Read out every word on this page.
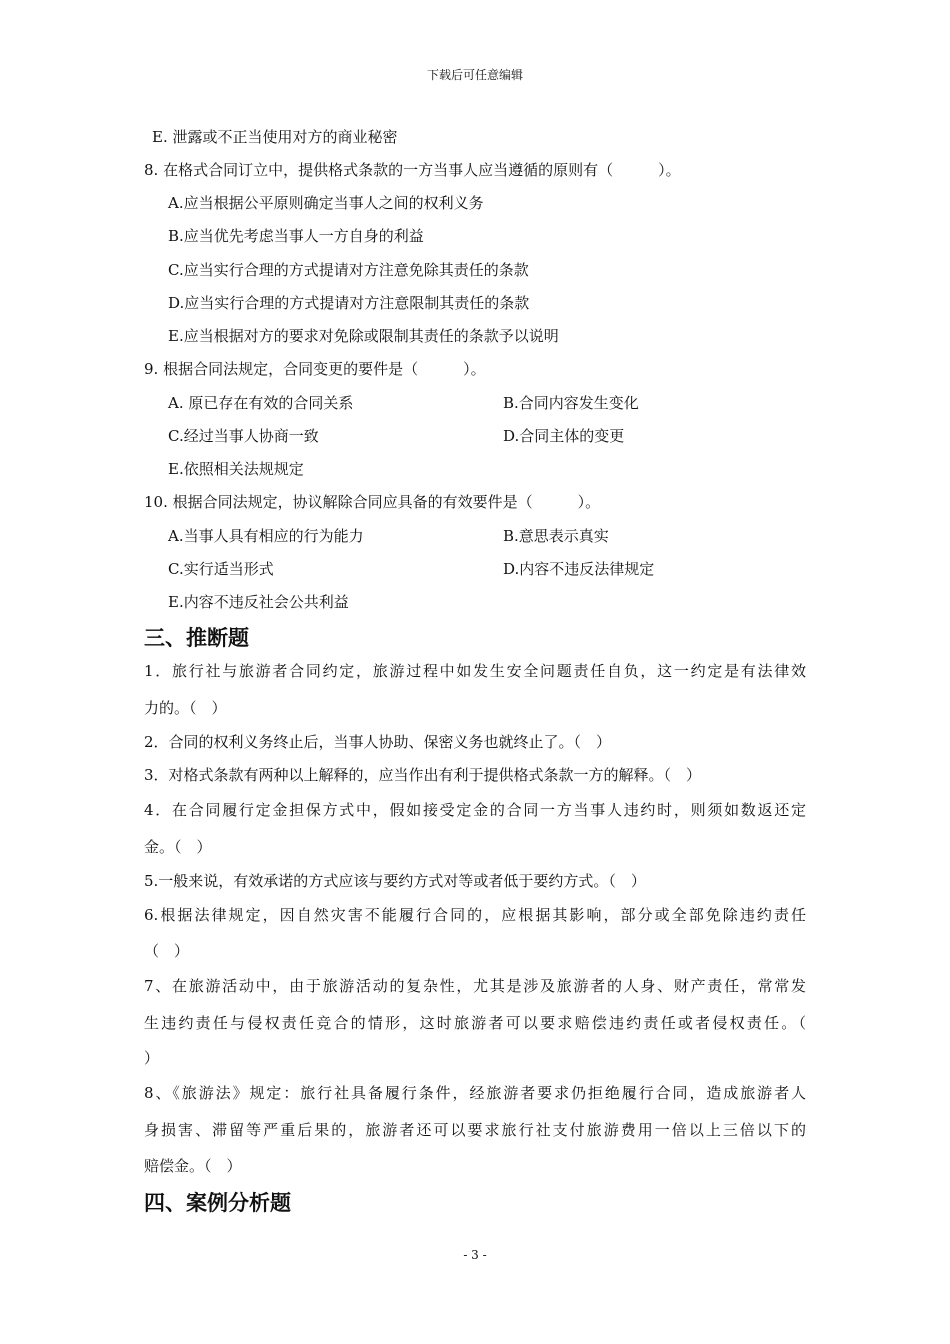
下载后可任意编辑
E. 泄露或不正当使用对方的商业秘密
8. 在格式合同订立中，提供格式条款的一方当事人应当遵循的原则有（　　　）。
A.应当根据公平原则确定当事人之间的权利义务
B.应当优先考虑当事人一方自身的利益
C.应当实行合理的方式提请对方注意免除其责任的条款
D.应当实行合理的方式提请对方注意限制其责任的条款
E.应当根据对方的要求对免除或限制其责任的条款予以说明
9. 根据合同法规定，合同变更的要件是（　　　）。
A. 原已存在有效的合同关系	B.合同内容发生变化
C.经过当事人协商一致	D.合同主体的变更
E.依照相关法规规定
10. 根据合同法规定，协议解除合同应具备的有效要件是（　　　）。
A.当事人具有相应的行为能力	B.意思表示真实
C.实行适当形式	D.内容不违反法律规定
E.内容不违反社会公共利益
三、推断题
1．旅行社与旅游者合同约定，旅游过程中如发生安全问题责任自负，这一约定是有法律效
力的。（　）
2．合同的权利义务终止后，当事人协助、保密义务也就终止了。（　）
3．对格式条款有两种以上解释的，应当作出有利于提供格式条款一方的解释。（　）
4．在合同履行定金担保方式中，假如接受定金的合同一方当事人违约时，则须如数返还定
金。（　）
5.一般来说，有效承诺的方式应该与要约方式对等或者低于要约方式。（　）
6.根据法律规定，因自然灾害不能履行合同的，应根据其影响，部分或全部免除违约责任
（　）
7、在旅游活动中，由于旅游活动的复杂性，尤其是涉及旅游者的人身、财产责任，常常发
生违约责任与侵权责任竞合的情形，这时旅游者可以要求赔偿违约责任或者侵权责任。（
）
8、《旅游法》规定：旅行社具备履行条件，经旅游者要求仍拒绝履行合同，造成旅游者人
身损害、滞留等严重后果的，旅游者还可以要求旅行社支付旅游费用一倍以上三倍以下的
赔偿金。（　）
四、案例分析题
- 3 -
